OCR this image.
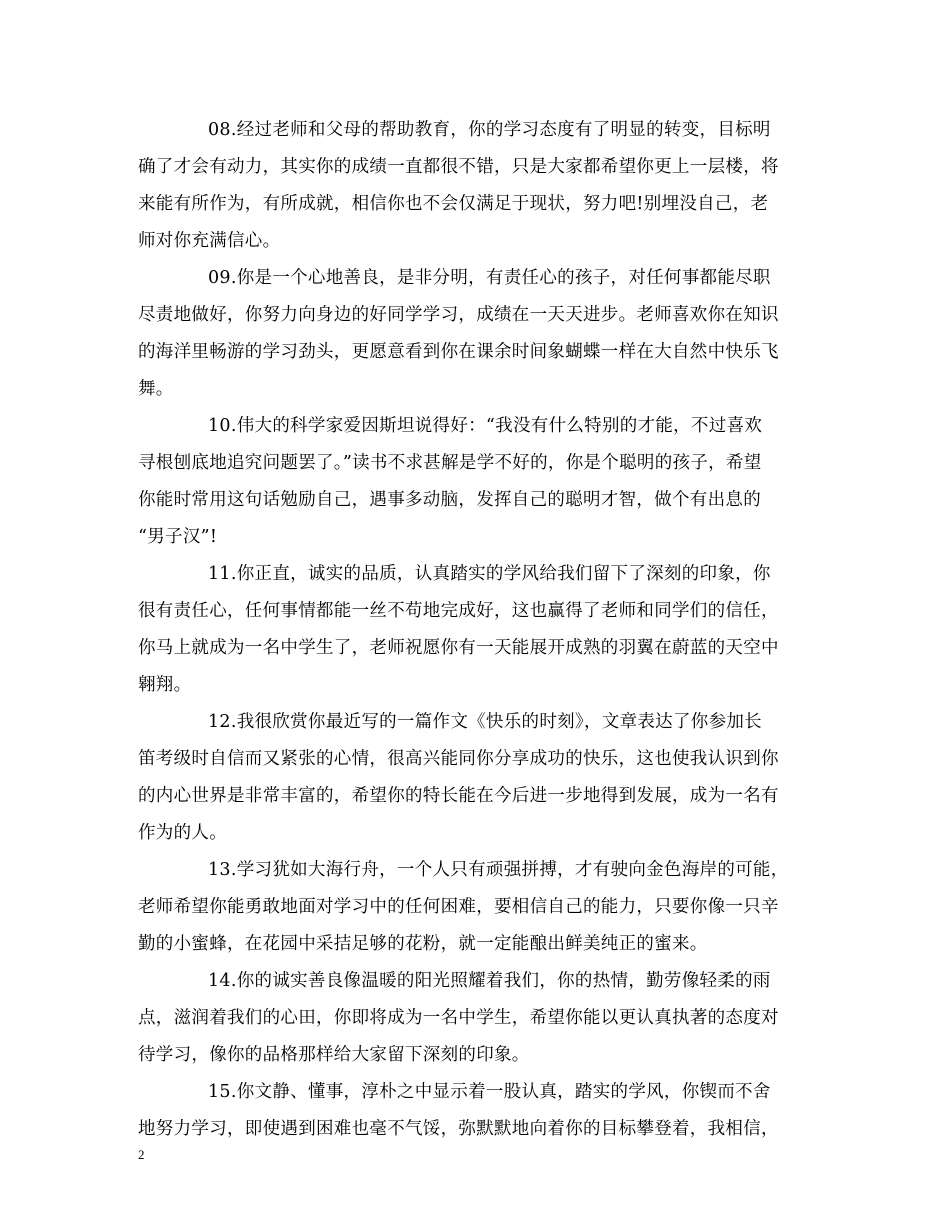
08.经过老师和父母的帮助教育，你的学习态度有了明显的转变，目标明
确了才会有动力，其实你的成绩一直都很不错，只是大家都希望你更上一层楼，将
来能有所作为，有所成就，相信你也不会仅满足于现状，努力吧!别埋没自己，老
师对你充满信心。

09.你是一个心地善良，是非分明，有责任心的孩子，对任何事都能尽职
尽责地做好，你努力向身边的好同学学习，成绩在一天天进步。老师喜欢你在知识
的海洋里畅游的学习劲头，更愿意看到你在课余时间象蝴蝶一样在大自然中快乐飞
舞。

10.伟大的科学家爱因斯坦说得好：“我没有什么特别的才能，不过喜欢
寻根刨底地追究问题罢了。”读书不求甚解是学不好的，你是个聪明的孩子，希望
你能时常用这句话勉励自己，遇事多动脑，发挥自己的聪明才智，做个有出息的
“男子汉”!

11.你正直，诚实的品质，认真踏实的学风给我们留下了深刻的印象，你
很有责任心，任何事情都能一丝不苟地完成好，这也赢得了老师和同学们的信任，
你马上就成为一名中学生了，老师祝愿你有一天能展开成熟的羽翼在蔚蓝的天空中
翱翔。

12.我很欣赏你最近写的一篇作文《快乐的时刻》，文章表达了你参加长
笛考级时自信而又紧张的心情，很高兴能同你分享成功的快乐，这也使我认识到你
的内心世界是非常丰富的，希望你的特长能在今后进一步地得到发展，成为一名有
作为的人。

13.学习犹如大海行舟，一个人只有顽强拼搏，才有驶向金色海岸的可能，
老师希望你能勇敢地面对学习中的任何困难，要相信自己的能力，只要你像一只辛
勤的小蜜蜂，在花园中采拮足够的花粉，就一定能酿出鲜美纯正的蜜来。

14.你的诚实善良像温暖的阳光照耀着我们，你的热情，勤劳像轻柔的雨
点，滋润着我们的心田，你即将成为一名中学生，希望你能以更认真执著的态度对
待学习，像你的品格那样给大家留下深刻的印象。

15.你文静、懂事，淳朴之中显示着一股认真，踏实的学风，你锲而不舍
地努力学习，即使遇到困难也毫不气馁，弥默默地向着你的目标攀登着，我相信，

2
